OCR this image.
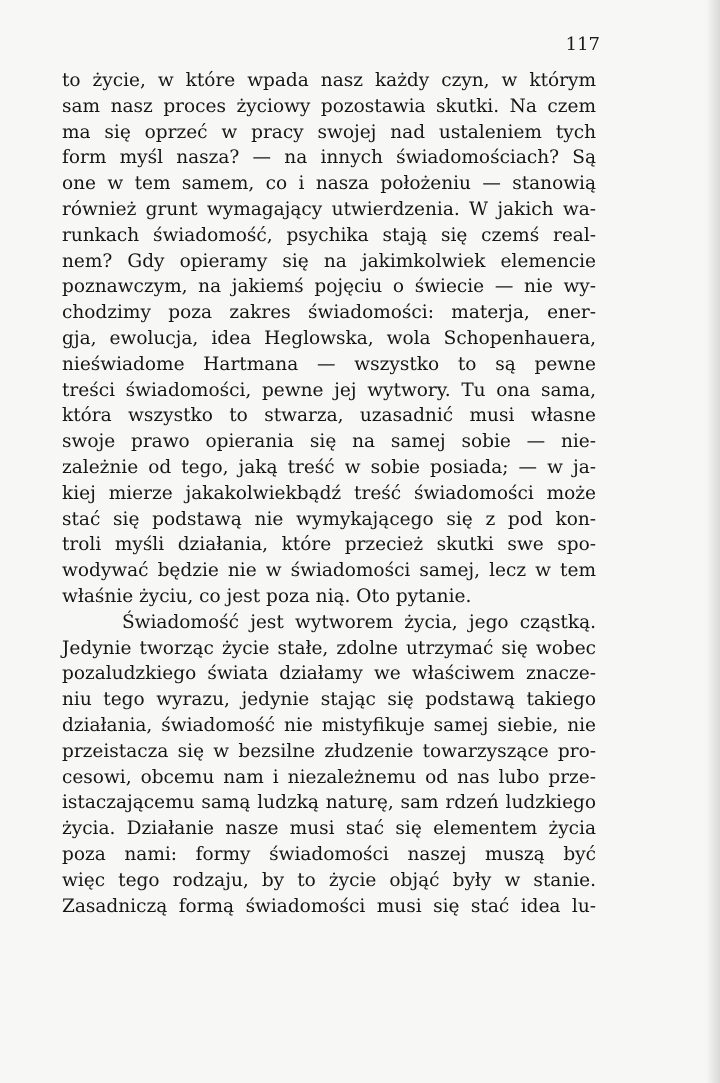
117
to życie, w które wpada nasz każdy czyn, w którym
sam nasz proces życiowy pozostawia skutki. Na czem
ma się oprzeć w pracy swojej nad ustaleniem tych
form myśl nasza? — na innych świadomościach? Są
one w tem samem, co i nasza położeniu — stanowią
również grunt wymagający utwierdzenia. W jakich wa-
runkach świadomość, psychika stają się czemś real-
nem? Gdy opieramy się na jakimkolwiek elemencie
poznawczym, na jakiemś pojęciu o świecie — nie wy-
chodzimy poza zakres świadomości: materja, ener-
gja, ewolucja, idea Heglowska, wola Schopenhauera,
nieświadome Hartmana — wszystko to są pewne
treści świadomości, pewne jej wytwory. Tu ona sama,
która wszystko to stwarza, uzasadnić musi własne
swoje prawo opierania się na samej sobie — nie-
zależnie od tego, jaką treść w sobie posiada; — w ja-
kiej mierze jakakolwiekbądź treść świadomości może
stać się podstawą nie wymykającego się z pod kon-
troli myśli działania, które przecież skutki swe spo-
wodywać będzie nie w świadomości samej, lecz w tem
właśnie życiu, co jest poza nią. Oto pytanie.
Świadomość jest wytworem życia, jego cząstką.
Jedynie tworząc życie stałe, zdolne utrzymać się wobec
pozaludzkiego świata działamy we właściwem znacze-
niu tego wyrazu, jedynie stając się podstawą takiego
działania, świadomość nie mistyfikuje samej siebie, nie
przeistacza się w bezsilne złudzenie towarzyszące pro-
cesowi, obcemu nam i niezależnemu od nas lubo prze-
istaczającemu samą ludzką naturę, sam rdzeń ludzkiego
życia. Działanie nasze musi stać się elementem życia
poza nami: formy świadomości naszej muszą być
więc tego rodzaju, by to życie objąć były w stanie.
Zasadniczą formą świadomości musi się stać idea lu-
